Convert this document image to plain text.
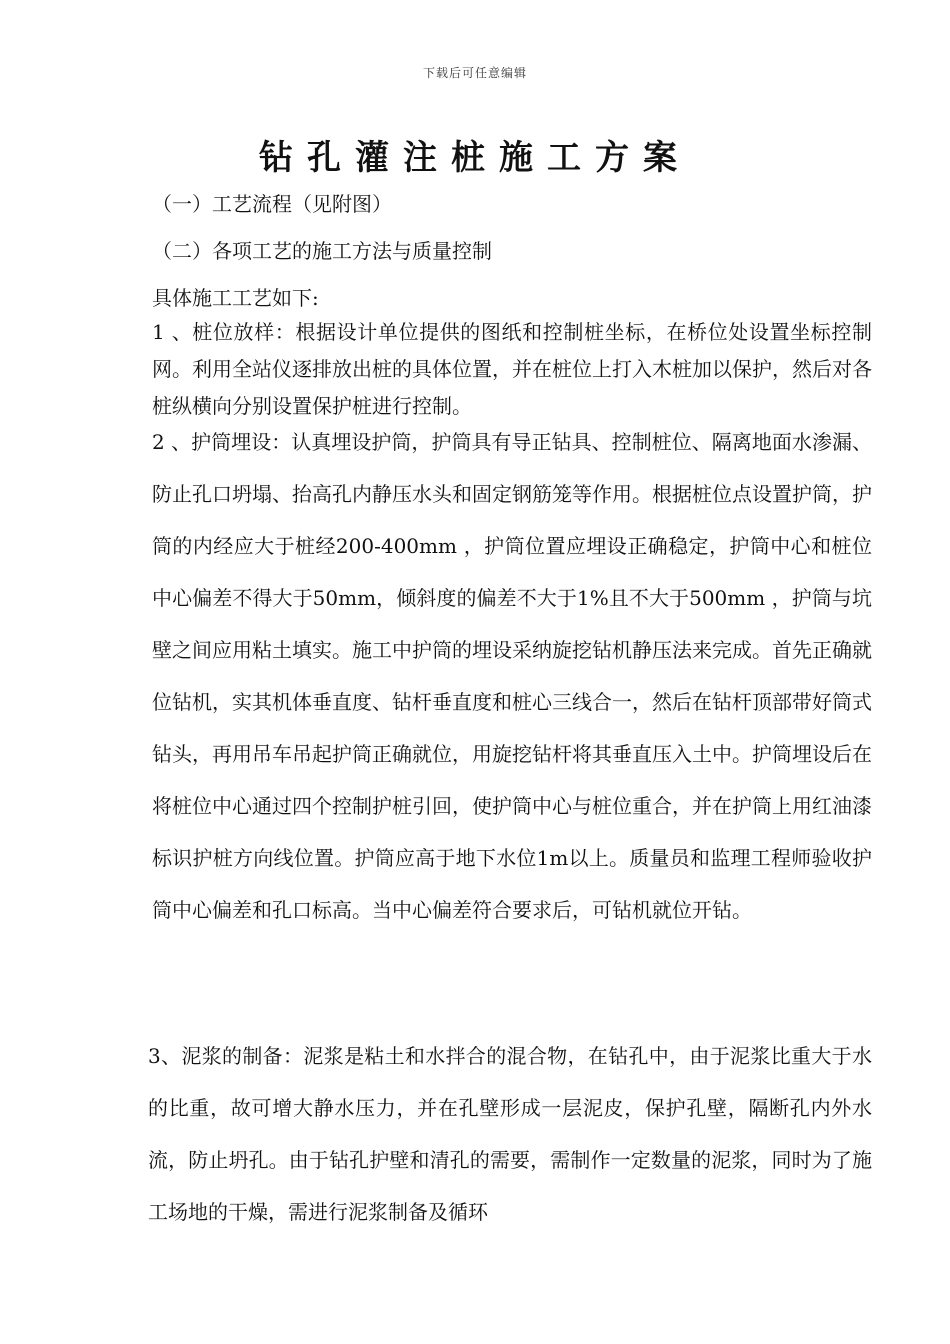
下载后可任意编辑
钻孔灌注桩施工方案

（一）工艺流程（见附图）

（二）各项工艺的施工方法与质量控制

具体施工工艺如下:

1 、桩位放样：根据设计单位提供的图纸和控制桩坐标，在桥位处设置坐标控制网。利用全站仪逐排放出桩的具体位置，并在桩位上打入木桩加以保护，然后对各桩纵横向分别设置保护桩进行控制。

2 、护筒埋设：认真埋设护筒，护筒具有导正钻具、控制桩位、隔离地面水渗漏、防止孔口坍塌、抬高孔内静压水头和固定钢筋笼等作用。根据桩位点设置护筒，护筒的内经应大于桩经200-400mm ，护筒位置应埋设正确稳定，护筒中心和桩位中心偏差不得大于50mm，倾斜度的偏差不大于1%且不大于500mm ，护筒与坑壁之间应用粘土填实。施工中护筒的埋设采纳旋挖钻机静压法来完成。首先正确就位钻机，实其机体垂直度、钻杆垂直度和桩心三线合一，然后在钻杆顶部带好筒式钻头，再用吊车吊起护筒正确就位，用旋挖钻杆将其垂直压入土中。护筒埋设后在将桩位中心通过四个控制护桩引回，使护筒中心与桩位重合，并在护筒上用红油漆标识护桩方向线位置。护筒应高于地下水位1m以上。质量员和监理工程师验收护筒中心偏差和孔口标高。当中心偏差符合要求后，可钻机就位开钻。

3、泥浆的制备：泥浆是粘土和水拌合的混合物，在钻孔中，由于泥浆比重大于水的比重，故可增大静水压力，并在孔壁形成一层泥皮，保护孔壁，隔断孔内外水流，防止坍孔。由于钻孔护壁和清孔的需要，需制作一定数量的泥浆，同时为了施工场地的干燥，需进行泥浆制备及循环
